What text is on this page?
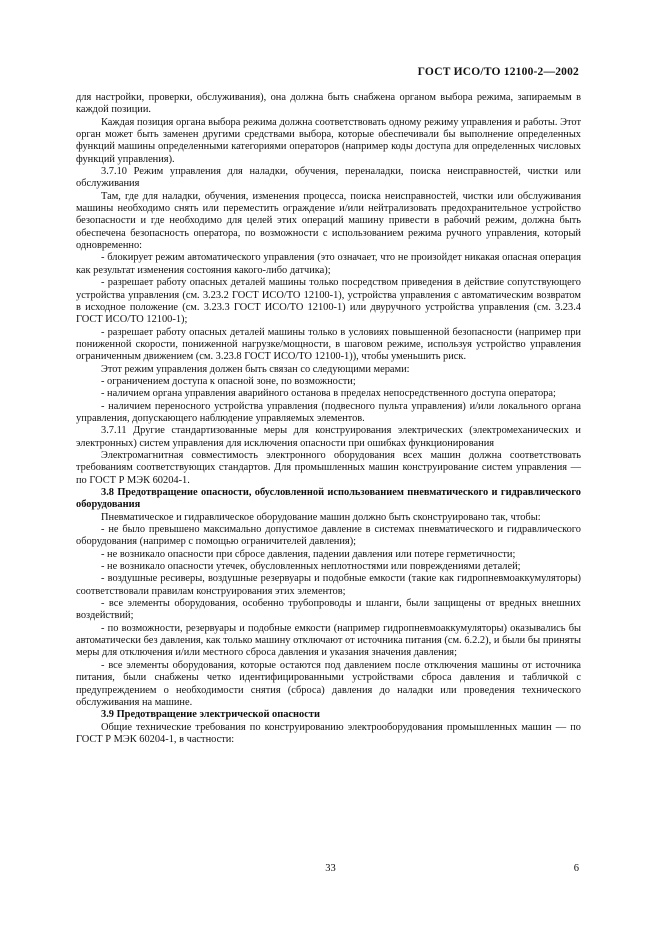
ГОСТ ИСО/ТО 12100-2—2002

для настройки, проверки, обслуживания), она должна быть снабжена органом выбора режима, запираемым в каждой позиции.

Каждая позиция органа выбора режима должна соответствовать одному режиму управления и работы. Этот орган может быть заменен другими средствами выбора, которые обеспечивали бы выполнение определенных функций машины определенными категориями операторов (например коды доступа для определенных числовых функций управления).

3.7.10 Режим управления для наладки, обучения, переналадки, поиска неисправностей, чистки или обслуживания

Там, где для наладки, обучения, изменения процесса, поиска неисправностей, чистки или обслуживания машины необходимо снять или переместить ограждение и/или нейтрализовать предохранительное устройство безопасности и где необходимо для целей этих операций машину привести в рабочий режим, должна быть обеспечена безопасность оператора, по возможности с использованием режима ручного управления, который одновременно:

- блокирует режим автоматического управления (это означает, что не произойдет никакая опасная операция как результат изменения состояния какого-либо датчика);

- разрешает работу опасных деталей машины только посредством приведения в действие сопутствующего устройства управления (см. 3.23.2 ГОСТ ИСО/ТО 12100-1), устройства управления с автоматическим возвратом в исходное положение (см. 3.23.3 ГОСТ ИСО/ТО 12100-1) или двуручного устройства управления (см. 3.23.4 ГОСТ ИСО/ТО 12100-1);

- разрешает работу опасных деталей машины только в условиях повышенной безопасности (например при пониженной скорости, пониженной нагрузке/мощности, в шаговом режиме, используя устройство управления ограниченным движением (см. 3.23.8 ГОСТ ИСО/ТО 12100-1)), чтобы уменьшить риск.

Этот режим управления должен быть связан со следующими мерами:

- ограничением доступа к опасной зоне, по возможности;

- наличием органа управления аварийного останова в пределах непосредственного доступа оператора;

- наличием переносного устройства управления (подвесного пульта управления) и/или локального органа управления, допускающего наблюдение управляемых элементов.

3.7.11 Другие стандартизованные меры для конструирования электрических (электромеханических и электронных) систем управления для исключения опасности при ошибках функционирования

Электромагнитная совместимость электронного оборудования всех машин должна соответствовать требованиям соответствующих стандартов. Для промышленных машин конструирование систем управления — по ГОСТ Р МЭК 60204-1.

3.8 Предотвращение опасности, обусловленной использованием пневматического и гидравлического оборудования

Пневматическое и гидравлическое оборудование машин должно быть сконструировано так, чтобы:

- не было превышено максимально допустимое давление в системах пневматического и гидравлического оборудования (например с помощью ограничителей давления);

- не возникало опасности при сбросе давления, падении давления или потере герметичности;

- не возникало опасности утечек, обусловленных неплотностями или повреждениями деталей;

- воздушные ресиверы, воздушные резервуары и подобные емкости (такие как гидропневмоаккумуляторы) соответствовали правилам конструирования этих элементов;

- все элементы оборудования, особенно трубопроводы и шланги, были защищены от вредных внешних воздействий;

- по возможности, резервуары и подобные емкости (например гидропневмоаккумуляторы) оказывались бы автоматически без давления, как только машину отключают от источника питания (см. 6.2.2), и были бы приняты меры для отключения и/или местного сброса давления и указания значения давления;

- все элементы оборудования, которые остаются под давлением после отключения машины от источника питания, были снабжены четко идентифицированными устройствами сброса давления и табличкой с предупреждением о необходимости снятия (сброса) давления до наладки или проведения технического обслуживания на машине.

3.9 Предотвращение электрической опасности

Общие технические требования по конструированию электрооборудования промышленных машин — по ГОСТ Р МЭК 60204-1, в частности:

33	6
